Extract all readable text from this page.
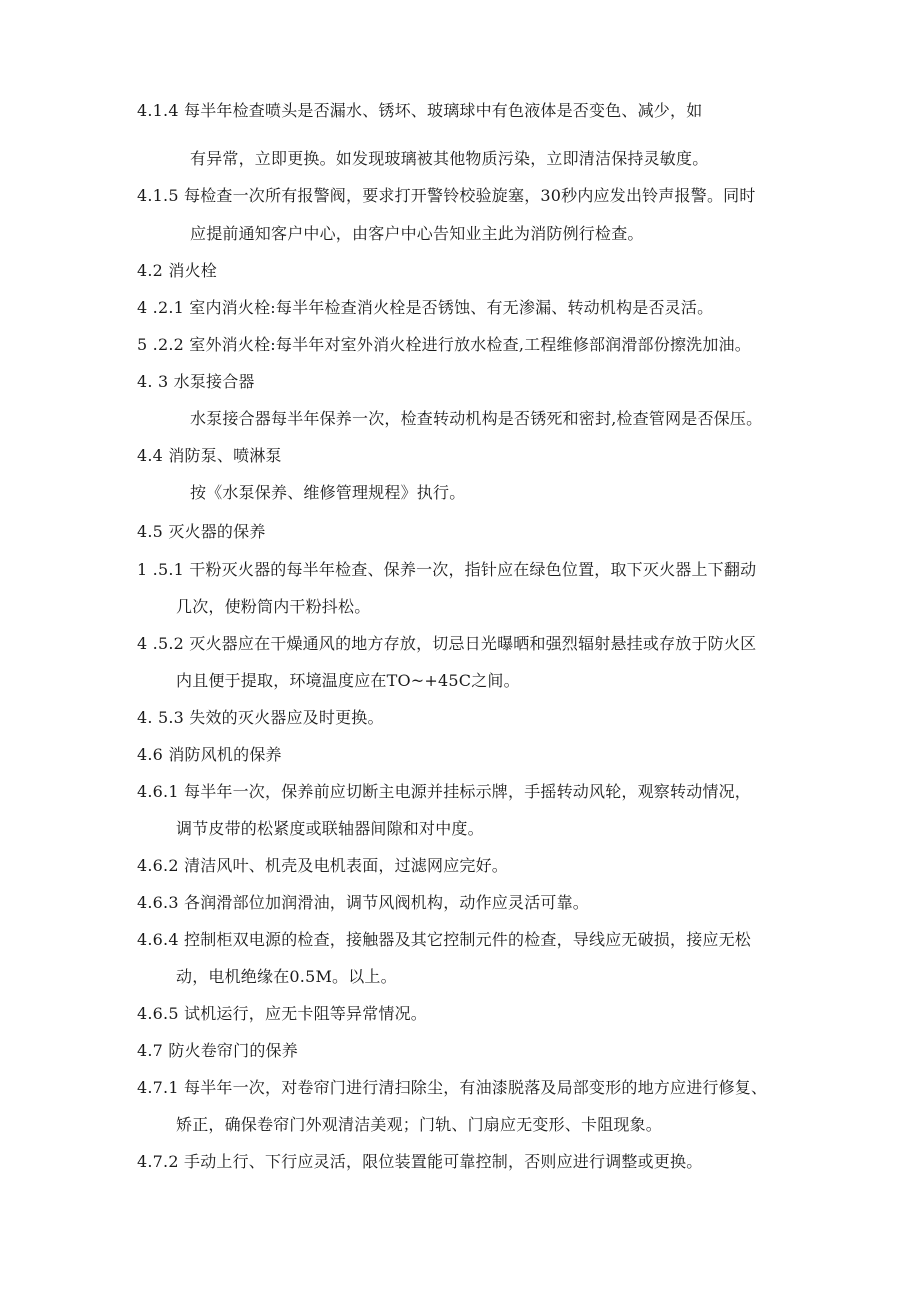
4.1.4 每半年检查喷头是否漏水、锈坏、玻璃球中有色液体是否变色、减少，如
有异常，立即更换。如发现玻璃被其他物质污染，立即清洁保持灵敏度。
4.1.5 每检查一次所有报警阀，要求打开警铃校验旋塞，30秒内应发出铃声报警。同时
应提前通知客户中心，由客户中心告知业主此为消防例行检查。
4.2 消火栓
4 .2.1 室内消火栓:每半年检查消火栓是否锈蚀、有无渗漏、转动机构是否灵活。
5 .2.2 室外消火栓:每半年对室外消火栓进行放水检查,工程维修部润滑部份擦洗加油。
4. 3 水泵接合器
水泵接合器每半年保养一次，检查转动机构是否锈死和密封,检查管网是否保压。
4.4 消防泵、喷淋泵
按《水泵保养、维修管理规程》执行。
4.5 灭火器的保养
1 .5.1 干粉灭火器的每半年检查、保养一次，指针应在绿色位置，取下灭火器上下翻动
几次，使粉筒内干粉抖松。
4 .5.2 灭火器应在干燥通风的地方存放，切忌日光曝晒和强烈辐射悬挂或存放于防火区
内且便于提取，环境温度应在TO~+45C之间。
4. 5.3 失效的灭火器应及时更换。
4.6 消防风机的保养
4.6.1 每半年一次，保养前应切断主电源并挂标示牌，手摇转动风轮，观察转动情况，
调节皮带的松紧度或联轴器间隙和对中度。
4.6.2 清洁风叶、机壳及电机表面，过滤网应完好。
4.6.3 各润滑部位加润滑油，调节风阀机构，动作应灵活可靠。
4.6.4 控制柜双电源的检查，接触器及其它控制元件的检查，导线应无破损，接应无松
动，电机绝缘在0.5M。以上。
4.6.5 试机运行，应无卡阻等异常情况。
4.7 防火卷帘门的保养
4.7.1 每半年一次，对卷帘门进行清扫除尘，有油漆脱落及局部变形的地方应进行修复、
矫正，确保卷帘门外观清洁美观；门轨、门扇应无变形、卡阻现象。
4.7.2 手动上行、下行应灵活，限位装置能可靠控制，否则应进行调整或更换。
